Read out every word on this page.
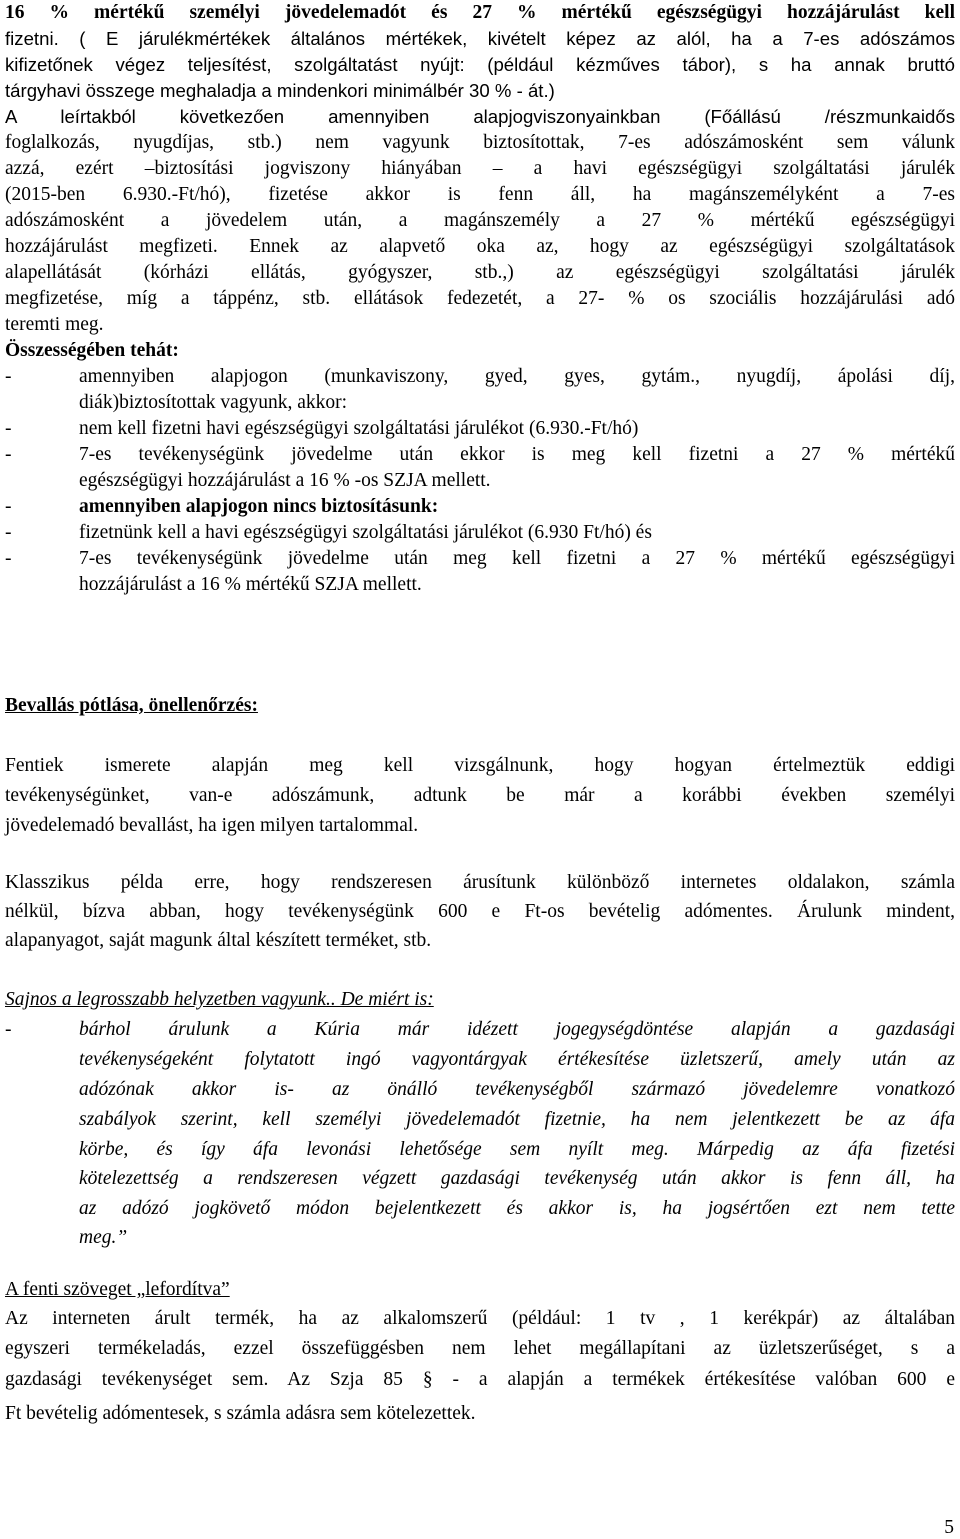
16 % mértékű személyi jövedelemadót és 27 % mértékű egészségügyi hozzájárulást kell
fizetni. ( E járulékmértékek általános mértékek, kivételt képez az alól, ha a 7-es adószámos
kifizetőnek végez teljesítést, szolgáltatást nyújt: (például kézműves tábor), s ha annak bruttó
tárgyhavi összege meghaladja a mindenkori minimálbér 30 % - át.)
A leírtakból következően amennyiben alapjogviszonyainkban (Főállású /részmunkaidős
foglalkozás, nyugdíjas, stb.) nem vagyunk biztosítottak, 7-es adószámosként sem válunk
azzá, ezért –biztosítási jogviszony hiányában – a havi egészségügyi szolgáltatási járulék
(2015-ben 6.930.-Ft/hó), fizetése akkor is fenn áll, ha magánszemélyként a 7-es
adószámosként a jövedelem után, a magánszemély a 27 % mértékű egészségügyi
hozzájárulást megfizeti. Ennek az alapvető oka az, hogy az egészségügyi szolgáltatások
alapellátását (kórházi ellátás, gyógyszer, stb.,) az egészségügyi szolgáltatási járulék
megfizetése, míg a táppénz, stb. ellátások fedezetét, a 27- % os szociális hozzájárulási adó
teremti meg.
Összességében tehát:
-	amennyiben alapjogon (munkaviszony, gyed, gyes, gytám., nyugdíj, ápolási díj,
diák)biztosítottak vagyunk, akkor:
-	nem kell fizetni havi egészségügyi szolgáltatási járulékot (6.930.-Ft/hó)
-	7-es tevékenységünk jövedelme után ekkor is meg kell fizetni a 27 % mértékű
egészségügyi hozzájárulást a 16 % -os SZJA mellett.
-	amennyiben alapjogon nincs biztosításunk:
-	fizetnünk kell a havi egészségügyi szolgáltatási járulékot (6.930 Ft/hó) és
-	7-es tevékenységünk jövedelme után meg kell fizetni a 27 % mértékű egészségügyi
hozzájárulást a 16 % mértékű SZJA mellett.
Bevallás pótlása, önellenőrzés:
Fentiek ismerete alapján meg kell vizsgálnunk, hogy hogyan értelmeztük eddigi
tevékenységünket, van-e adószámunk, adtunk be már a korábbi években személyi
jövedelemadó bevallást, ha igen milyen tartalommal.
Klasszikus példa erre, hogy rendszeresen árusítunk különböző internetes oldalakon, számla
nélkül, bízva abban, hogy tevékenységünk 600 e Ft-os bevételig adómentes. Árulunk mindent,
alapanyagot, saját magunk által készített terméket, stb.
Sajnos a legrosszabb helyzetben vagyunk.. De miért is:
-	bárhol árulunk a Kúria már idézett jogegységdöntése alapján a gazdasági
tevékenységeként folytatott ingó vagyontárgyak értékesítése üzletszerű, amely után az
adózónak akkor is- az önálló tevékenységből származó jövedelemre vonatkozó
szabályok szerint, kell személyi jövedelemadót fizetnie, ha nem jelentkezett be az áfa
körbe, és így áfa levonási lehetősége sem nyílt meg. Márpedig az áfa fizetési
kötelezettség a rendszeresen végzett gazdasági tevékenység után akkor is fenn áll, ha
az adózó jogkövető módon bejelentkezett és akkor is, ha jogsértően ezt nem tette
meg.”
A fenti szöveget „lefordítva”
Az interneten árult termék, ha az alkalomszerű (például: 1 tv , 1 kerékpár) az általában
egyszeri termékeladás, ezzel összefüggésben nem lehet megállapítani az üzletszerűséget, s a
gazdasági tevékenységet sem. Az Szja 85 § - a alapján a termékek értékesítése valóban 600 e
Ft bevételig adómentesek, s számla adásra sem kötelezettek.
5
